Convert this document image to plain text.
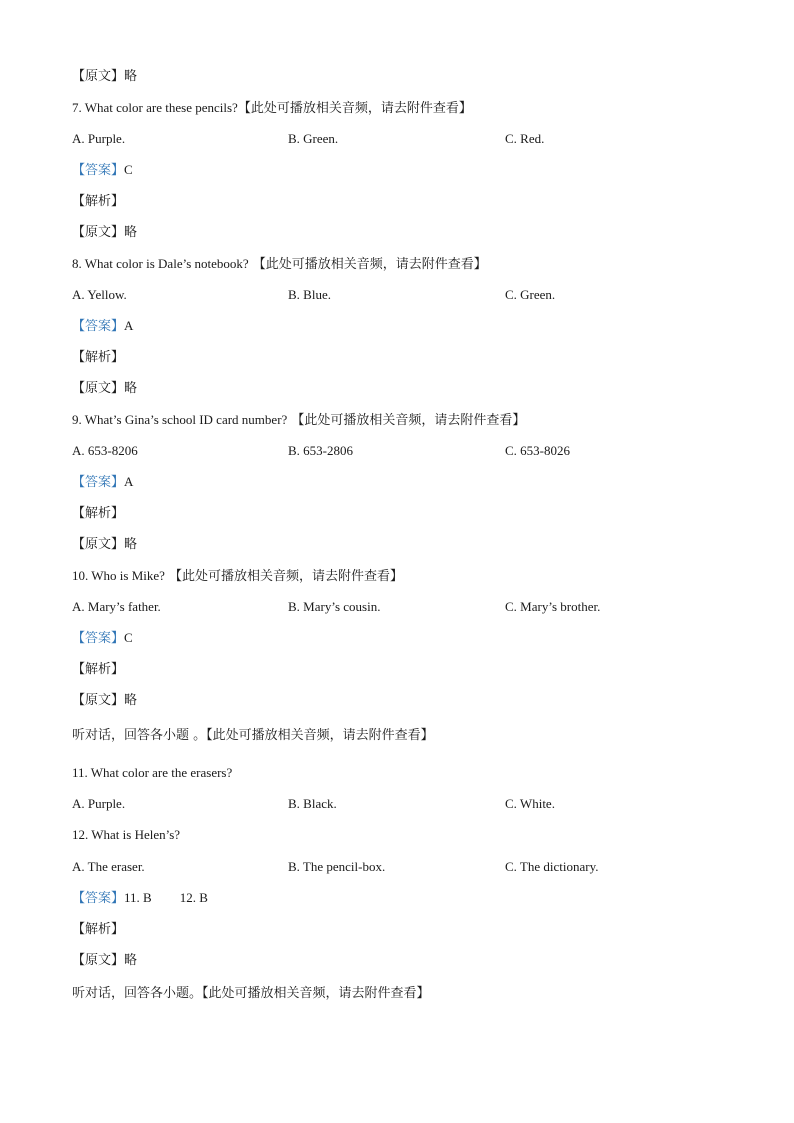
【原文】略
7. What color are these pencils?【此处可播放相关音频，请去附件查看】
A. Purple.	B. Green.	C. Red.
【答案】C
【解析】
【原文】略
8. What color is Dale’s notebook? 【此处可播放相关音频，请去附件查看】
A. Yellow.	B. Blue.	C. Green.
【答案】A
【解析】
【原文】略
9. What’s Gina’s school ID card number? 【此处可播放相关音频，请去附件查看】
A. 653-8206	B. 653-2806	C. 653-8026
【答案】A
【解析】
【原文】略
10. Who is Mike? 【此处可播放相关音频，请去附件查看】
A. Mary’s father.	B. Mary’s cousin.	C. Mary’s brother.
【答案】C
【解析】
【原文】略
听对话，回答各小题 。【此处可播放相关音频，请去附件查看】
11. What color are the erasers?
A. Purple.	B. Black.	C. White.
12. What is Helen’s?
A. The eraser.	B. The pencil-box.	C. The dictionary.
【答案】11. B 12. B
【解析】
【原文】略
听对话，回答各小题。【此处可播放相关音频，请去附件查看】
